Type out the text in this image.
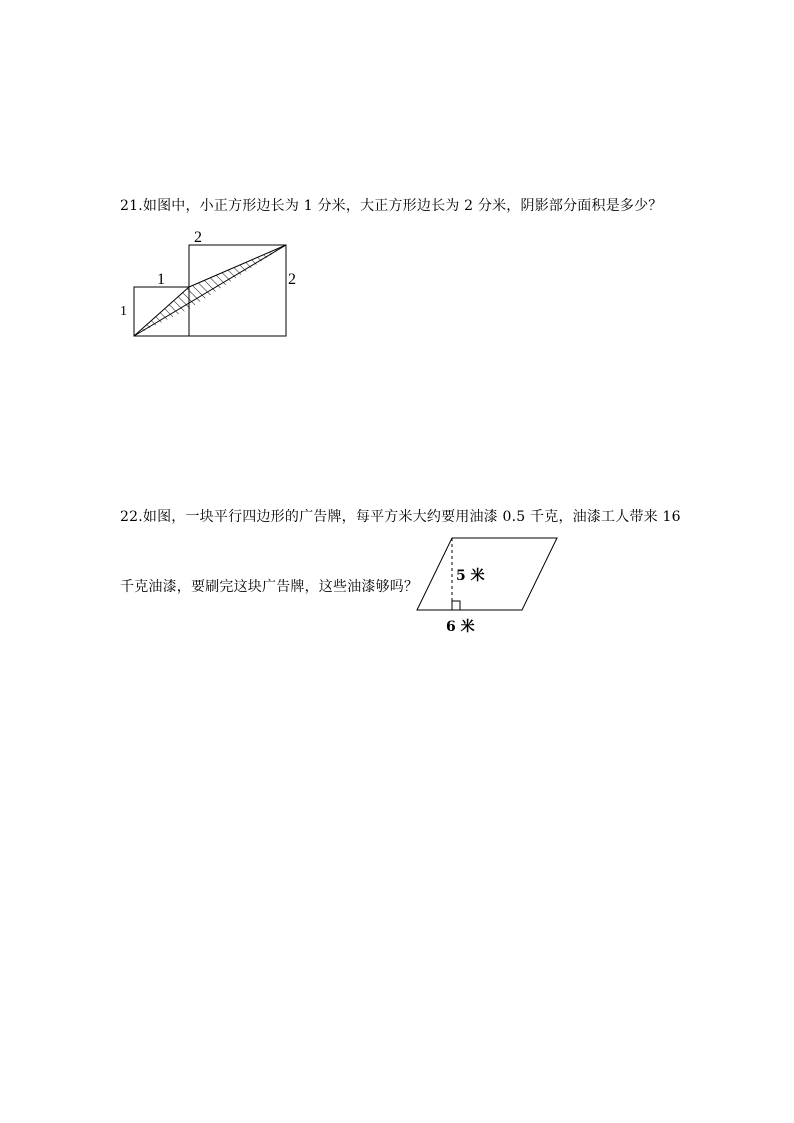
21.如图中，小正方形边长为 1 分米，大正方形边长为 2 分米，阴影部分面积是多少？
2
2
1
1
22.如图，一块平行四边形的广告牌，每平方米大约要用油漆 0.5 千克，油漆工人带来 16
千克油漆，要刷完这块广告牌，这些油漆够吗？
5 米
6 米
